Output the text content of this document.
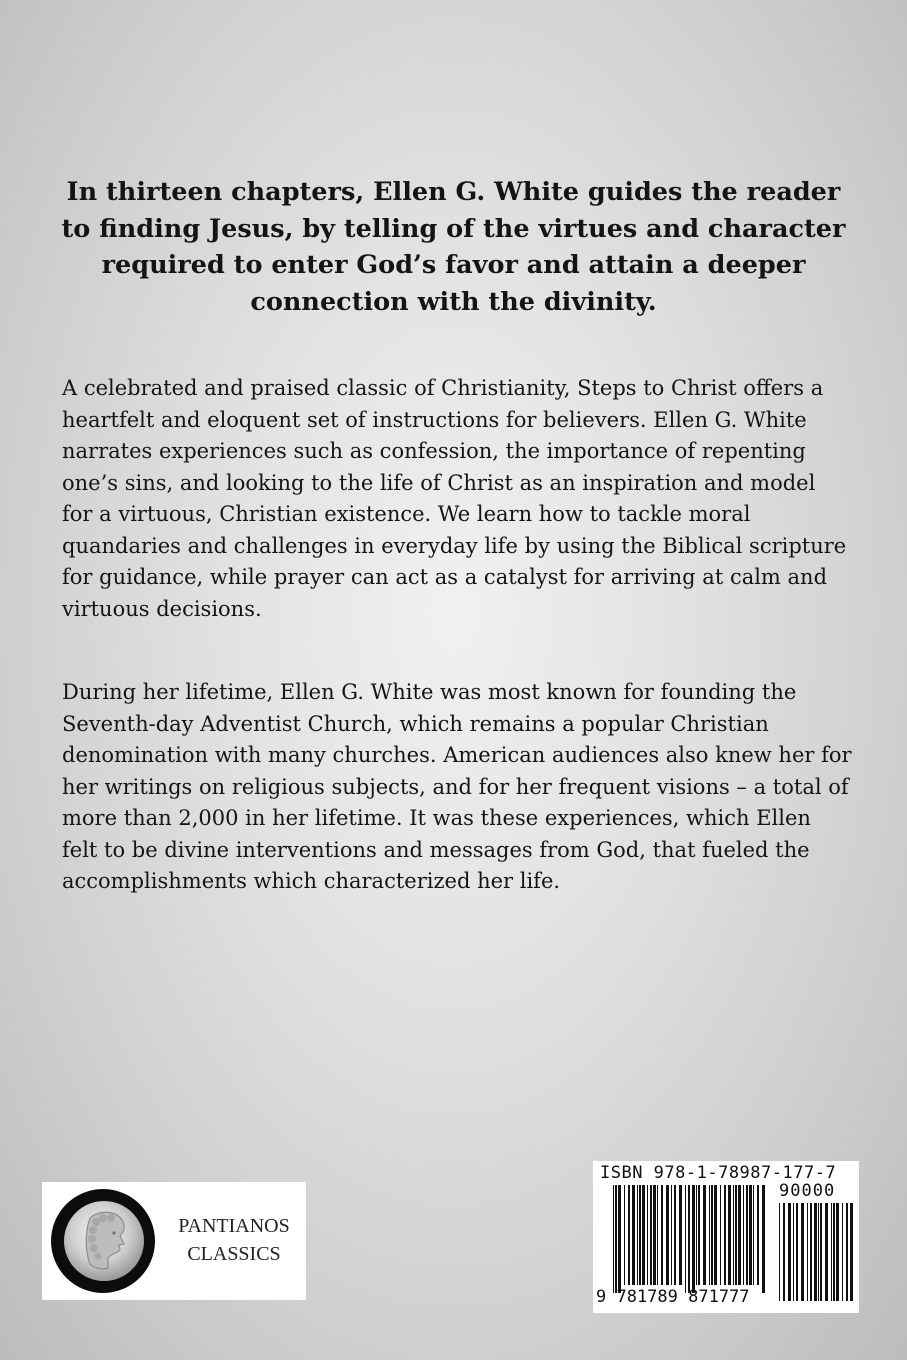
In thirteen chapters, Ellen G. White guides the reader to finding Jesus, by telling of the virtues and character required to enter God’s favor and attain a deeper connection with the divinity.

A celebrated and praised classic of Christianity, Steps to Christ offers a heartfelt and eloquent set of instructions for believers. Ellen G. White narrates experiences such as confession, the importance of repenting one’s sins, and looking to the life of Christ as an inspiration and model for a virtuous, Christian existence. We learn how to tackle moral quandaries and challenges in everyday life by using the Biblical scripture for guidance, while prayer can act as a catalyst for arriving at calm and virtuous decisions.

During her lifetime, Ellen G. White was most known for founding the Seventh-day Adventist Church, which remains a popular Christian denomination with many churches. American audiences also knew her for her writings on religious subjects, and for her frequent visions – a total of more than 2,000 in her lifetime. It was these experiences, which Ellen felt to be divine interventions and messages from God, that fueled the accomplishments which characterized her life.

PANTIANOS
CLASSICS
ISBN 978-1-78987-177-7
90000
9 781789 871777
